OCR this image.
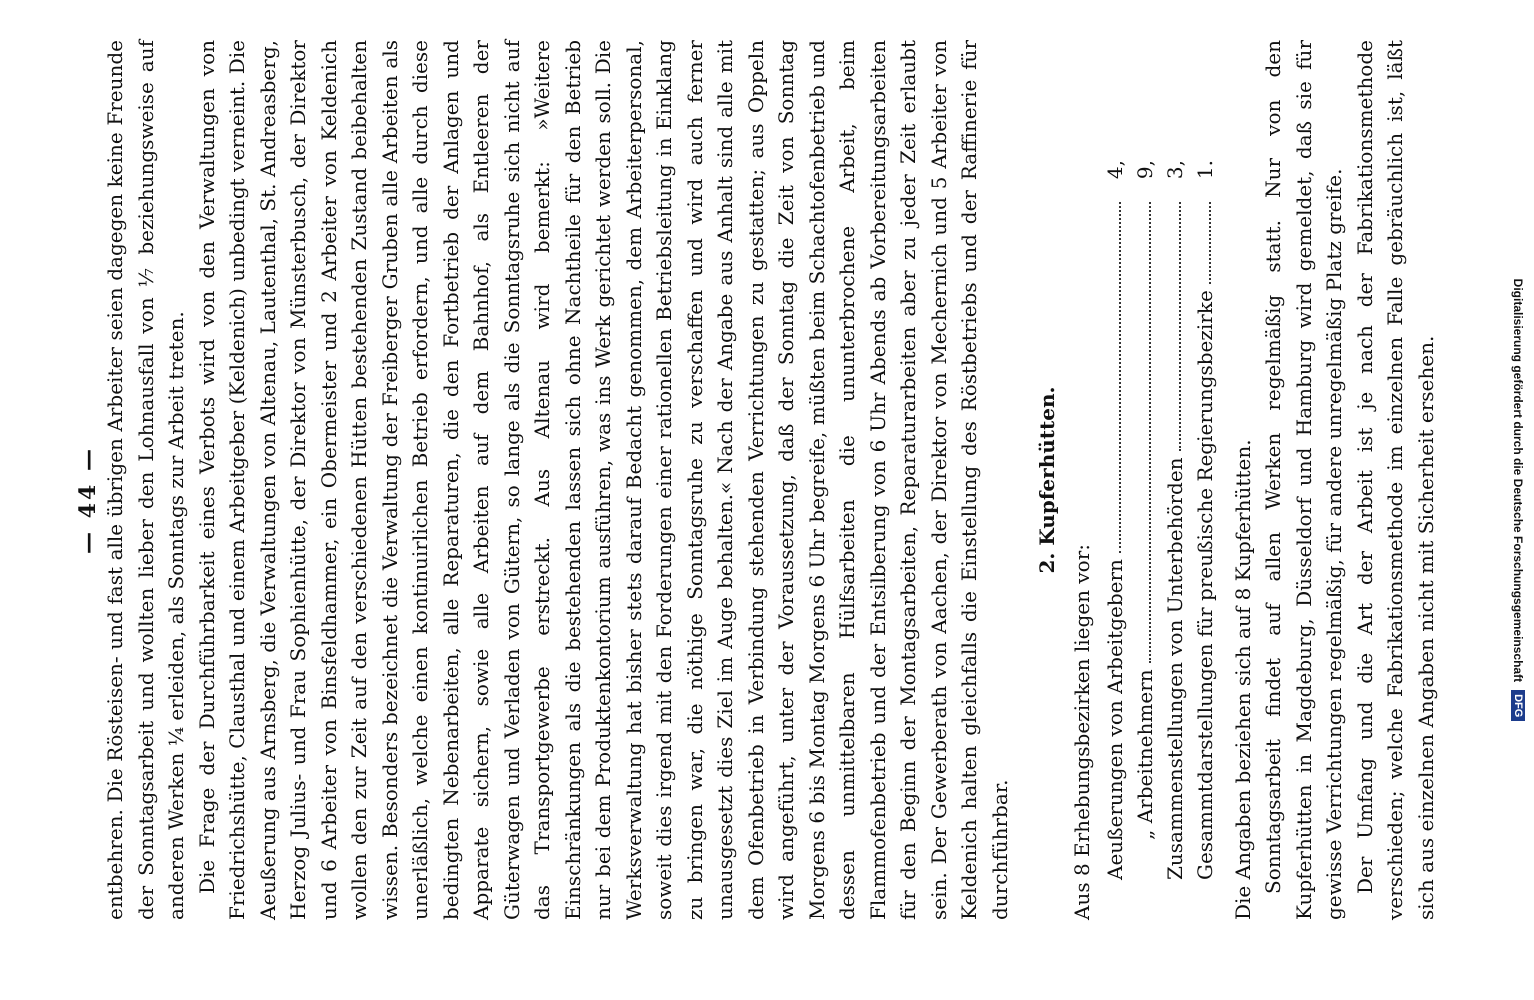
— 44 — entbehren. Die Rösteisen- und fast alle übrigen Arbeiter seien dagegen keine Freunde der Sonntagsarbeit und wollten lieber den Lohnausfall von ⅐ beziehungsweise auf anderen Werken ¼ erleiden, als Sonntags zur Arbeit treten. Die Frage der Durchführbarkeit eines Verbots wird von den Verwaltungen von Friedrichshütte, Clausthal und einem Arbeitgeber (Keldenich) unbedingt verneint. Die Aeußerung aus Arnsberg, die Verwaltungen von Altenau, Lautenthal, St. Andreasberg, Herzog Julius- und Frau Sophienhütte, der Direktor von Münsterbusch, der Direktor und 6 Arbeiter von Binsfeldhammer, ein Obermeister und 2 Arbeiter von Keldenich wollen den zur Zeit auf den verschiedenen Hütten bestehenden Zustand beibehalten wissen. Besonders bezeichnet die Verwaltung der Freiberger Gruben alle Arbeiten als unerläßlich, welche einen kontinuirlichen Betrieb erfordern, und alle durch diese bedingten Nebenarbeiten, alle Reparaturen, die den Fortbetrieb der Anlagen und Apparate sichern, sowie alle Arbeiten auf dem Bahnhof, als Entleeren der Güterwagen und Verladen von Gütern, so lange als die Sonntagsruhe sich nicht auf das Transportgewerbe erstreckt. Aus Altenau wird bemerkt: »Weitere Einschränkungen als die bestehenden lassen sich ohne Nachtheile für den Betrieb nur bei dem Produktenkontorium ausführen, was ins Werk gerichtet werden soll. Die Werksverwaltung hat bisher stets darauf Bedacht genommen, dem Arbeiterpersonal, soweit dies irgend mit den Forderungen einer rationellen Betriebsleitung in Einklang zu bringen war, die nöthige Sonntagsruhe zu verschaffen und wird auch ferner unausgesetzt dies Ziel im Auge behalten.« Nach der Angabe aus Anhalt sind alle mit dem Ofenbetrieb in Verbindung stehenden Verrichtungen zu gestatten; aus Oppeln wird angeführt, unter der Voraussetzung, daß der Sonntag die Zeit von Sonntag Morgens 6 bis Montag Morgens 6 Uhr begreife, müßten beim Schachtofenbetrieb und dessen unmittelbaren Hülfsarbeiten die ununterbrochene Arbeit, beim Flammofenbetrieb und der Entsilberung von 6 Uhr Abends ab Vorbereitungsarbeiten für den Beginn der Montagsarbeiten, Reparaturarbeiten aber zu jeder Zeit erlaubt sein. Der Gewerberath von Aachen, der Direktor von Mechernich und 5 Arbeiter von Keldenich halten gleichfalls die Einstellung des Röstbetriebs und der Raffinerie für durchführbar.

2. Kupferhütten.

Aus 8 Erhebungsbezirken liegen vor: Aeußerungen von Arbeitgebern
4,
„ Arbeitnehmern
9,
Zusammenstellungen von Unterbehörden
3,
Gesammtdarstellungen für preußische Regierungsbezirke
1.

Die Angaben beziehen sich auf 8 Kupferhütten. Sonntagsarbeit findet auf allen Werken regelmäßig statt. Nur von den Kupferhütten in Magdeburg, Düsseldorf und Hamburg wird gemeldet, daß sie für gewisse Verrichtungen regelmäßig, für andere unregelmäßig Platz greife. Der Umfang und die Art der Arbeit ist je nach der Fabrikationsmethode verschieden; welche Fabrikationsmethode im einzelnen Falle gebräuchlich ist, läßt sich aus einzelnen Angaben nicht mit Sicherheit ersehen.	Digitalisierung gefördert durch die Deutsche Forschungsgemeinschaft
DFG
